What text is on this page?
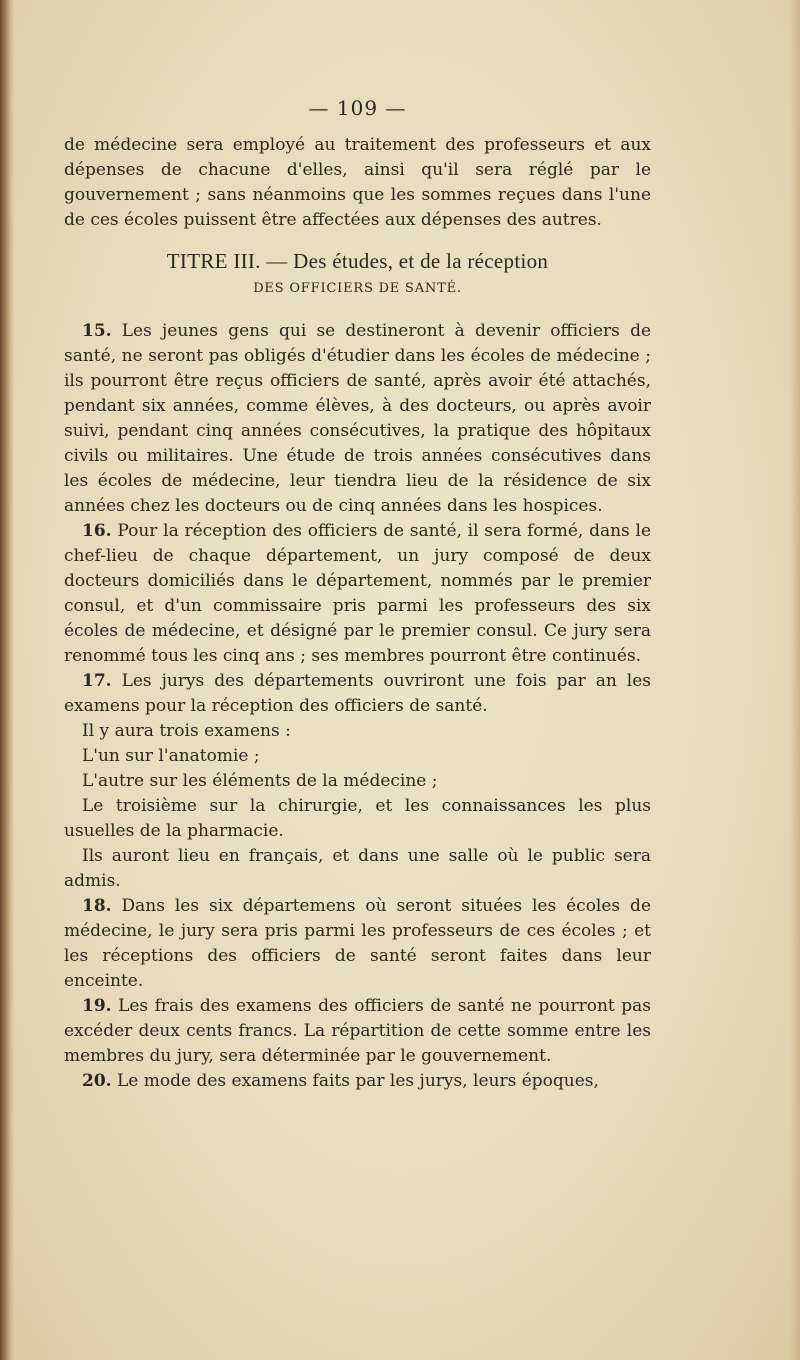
— 109 —

de médecine sera employé au traitement des professeurs et aux dépenses de chacune d'elles, ainsi qu'il sera réglé par le gouvernement ; sans néanmoins que les sommes reçues dans l'une de ces écoles puissent être affectées aux dépenses des autres.

TITRE III. — Des études, et de la réception
DES OFFICIERS DE SANTÉ.

15. Les jeunes gens qui se destineront à devenir officiers de santé, ne seront pas obligés d'étudier dans les écoles de médecine ; ils pourront être reçus officiers de santé, après avoir été attachés, pendant six années, comme élèves, à des docteurs, ou après avoir suivi, pendant cinq années consécutives, la pratique des hôpitaux civils ou militaires. Une étude de trois années consécutives dans les écoles de médecine, leur tiendra lieu de la résidence de six années chez les docteurs ou de cinq années dans les hospices.

16. Pour la réception des officiers de santé, il sera formé, dans le chef-lieu de chaque département, un jury composé de deux docteurs domiciliés dans le département, nommés par le premier consul, et d'un commissaire pris parmi les professeurs des six écoles de médecine, et désigné par le premier consul. Ce jury sera renommé tous les cinq ans ; ses membres pourront être continués.

17. Les jurys des départements ouvriront une fois par an les examens pour la réception des officiers de santé.

Il y aura trois examens :

L'un sur l'anatomie ;

L'autre sur les éléments de la médecine ;

Le troisième sur la chirurgie, et les connaissances les plus usuelles de la pharmacie.

Ils auront lieu en français, et dans une salle où le public sera admis.

18. Dans les six départemens où seront situées les écoles de médecine, le jury sera pris parmi les professeurs de ces écoles ; et les réceptions des officiers de santé seront faites dans leur enceinte.

19. Les frais des examens des officiers de santé ne pourront pas excéder deux cents francs. La répartition de cette somme entre les membres du jury, sera déterminée par le gouvernement.

20. Le mode des examens faits par les jurys, leurs époques,
